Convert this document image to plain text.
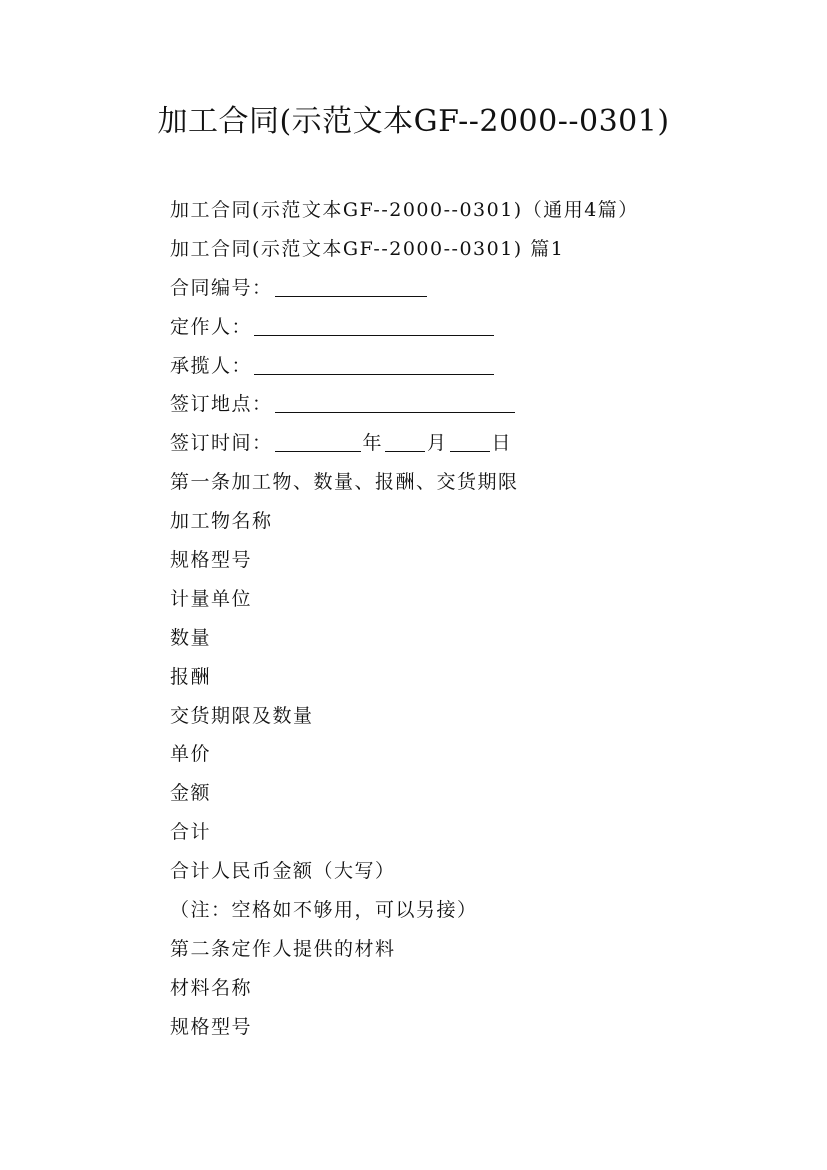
加工合同(示范文本GF--2000--0301)
加工合同(示范文本GF--2000--0301)（通用4篇）
加工合同(示范文本GF--2000--0301) 篇1
合同编号：
定作人：
承揽人：
签订地点：
签订时间：	年 月 日
第一条加工物、数量、报酬、交货期限
加工物名称
规格型号
计量单位
数量
报酬
交货期限及数量
单价
金额
合计
合计人民币金额（大写）
（注：空格如不够用，可以另接）
第二条定作人提供的材料
材料名称
规格型号
